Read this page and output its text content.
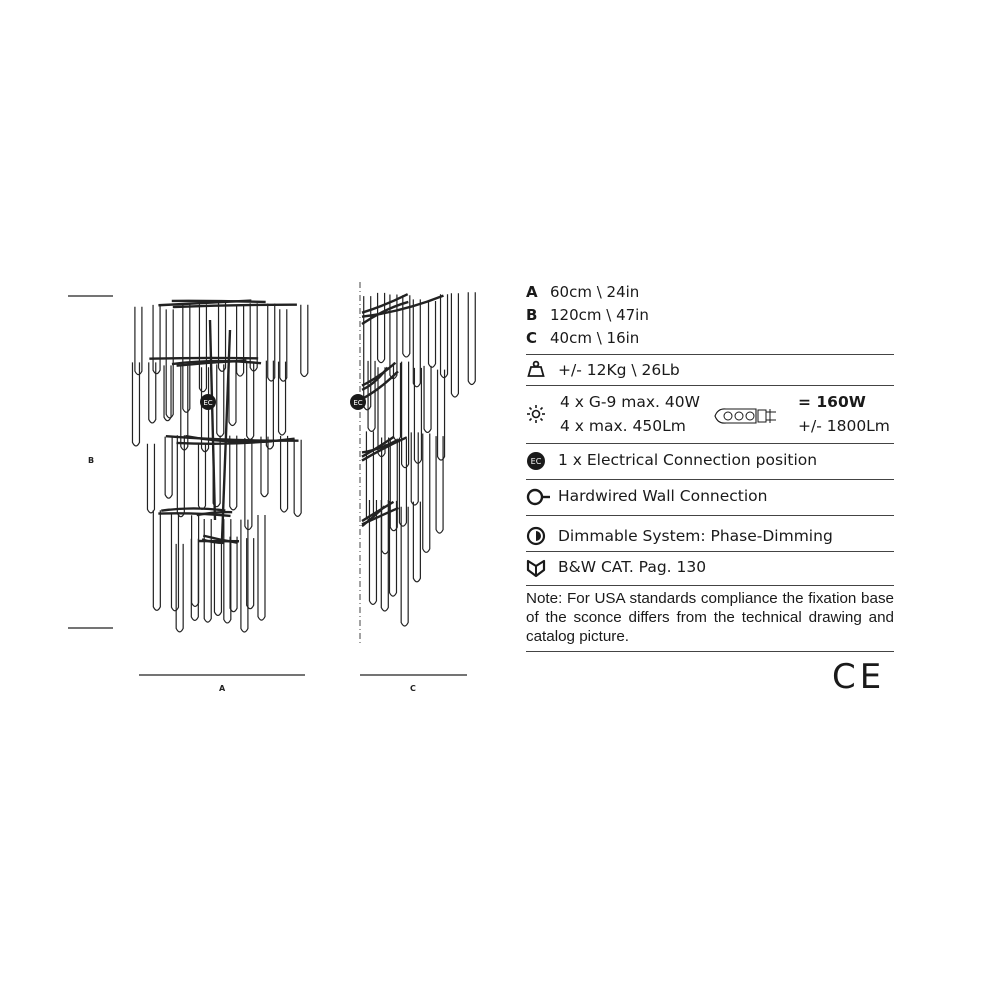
EC	EC
B
A	C
A 60cm \ 24in
B 120cm \ 47in
C 40cm \ 16in
+/- 12Kg \ 26Lb
4 x G-9 max. 40W
4 x max. 450Lm
= 160W
+/- 1800Lm
EC 1 x Electrical Connection position
Hardwired Wall Connection
Dimmable System: Phase-Dimming
B&W CAT. Pag. 130
Note: For USA standards compliance the fixation base of the sconce differs from the technical drawing and catalog picture.
CE
